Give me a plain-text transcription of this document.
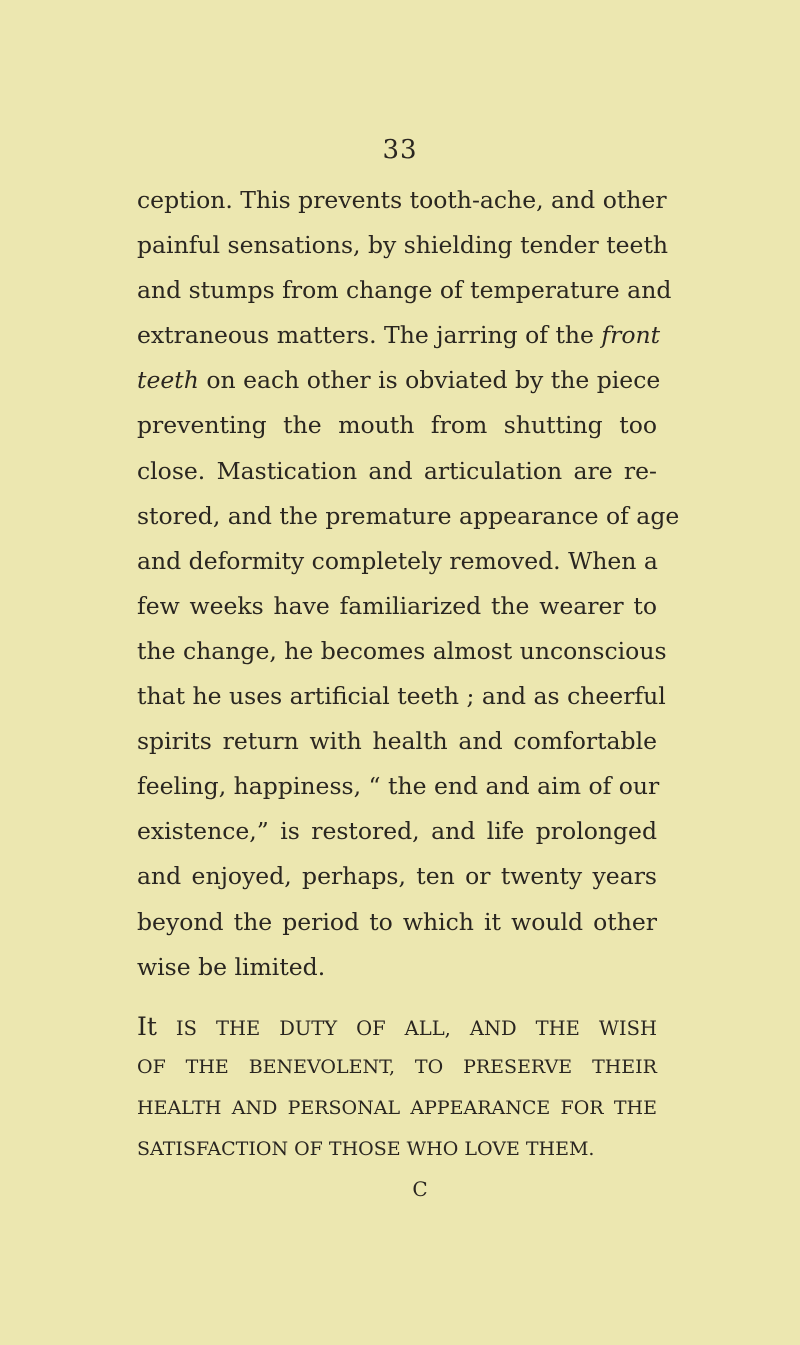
33
ception. This prevents tooth-ache, and other
painful sensations, by shielding tender teeth
and stumps from change of temperature and
extraneous matters. The jarring of the front
teeth on each other is obviated by the piece
preventing the mouth from shutting too
close. Mastication and articulation are re-
stored, and the premature appearance of age
and deformity completely removed. When a
few weeks have familiarized the wearer to
the change, he becomes almost unconscious
that he uses artificial teeth ; and as cheerful
spirits return with health and comfortable
feeling, happiness, “ the end and aim of our
existence,” is restored, and life prolonged
and enjoyed, perhaps, ten or twenty years
beyond the period to which it would other
wise be limited.
It IS THE DUTY OF ALL, AND THE WISH
OF THE BENEVOLENT, TO PRESERVE THEIR
HEALTH AND PERSONAL APPEARANCE FOR THE
SATISFACTION OF THOSE WHO LOVE THEM.
C
